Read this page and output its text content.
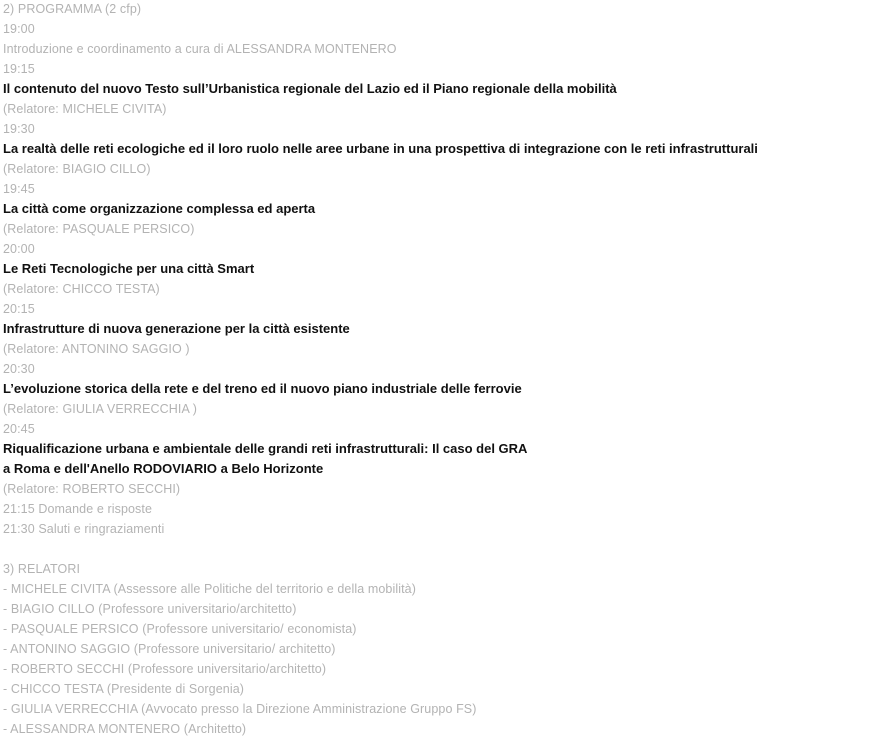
2) PROGRAMMA (2 cfp)
19:00
Introduzione e coordinamento a cura di ALESSANDRA MONTENERO
19:15
Il contenuto del nuovo Testo sull’Urbanistica regionale del Lazio ed il Piano regionale della mobilità
(Relatore: MICHELE CIVITA)
19:30
La realtà delle reti ecologiche ed il loro ruolo nelle aree urbane in una prospettiva di integrazione con le reti infrastrutturali
(Relatore: BIAGIO CILLO)
19:45
La città come organizzazione complessa ed aperta
(Relatore: PASQUALE PERSICO)
20:00
Le Reti Tecnologiche per una città Smart
(Relatore: CHICCO TESTA)
20:15
Infrastrutture di nuova generazione per la città esistente
(Relatore: ANTONINO SAGGIO )
20:30
L’evoluzione storica della rete e del treno ed il nuovo piano industriale delle ferrovie
(Relatore: GIULIA VERRECCHIA )
20:45
Riqualificazione urbana e ambientale delle grandi reti infrastrutturali: Il caso del GRA
a Roma e dell'Anello RODOVIARIO a Belo Horizonte
(Relatore: ROBERTO SECCHI)
21:15 Domande e risposte
21:30 Saluti e ringraziamenti
3) RELATORI
- MICHELE CIVITA (Assessore alle Politiche del territorio e della mobilità)
- BIAGIO CILLO (Professore universitario/architetto)
- PASQUALE PERSICO (Professore universitario/ economista)
- ANTONINO SAGGIO (Professore universitario/ architetto)
- ROBERTO SECCHI (Professore universitario/architetto)
- CHICCO TESTA (Presidente di Sorgenia)
- GIULIA VERRECCHIA (Avvocato presso la Direzione Amministrazione Gruppo FS)
- ALESSANDRA MONTENERO (Architetto)
